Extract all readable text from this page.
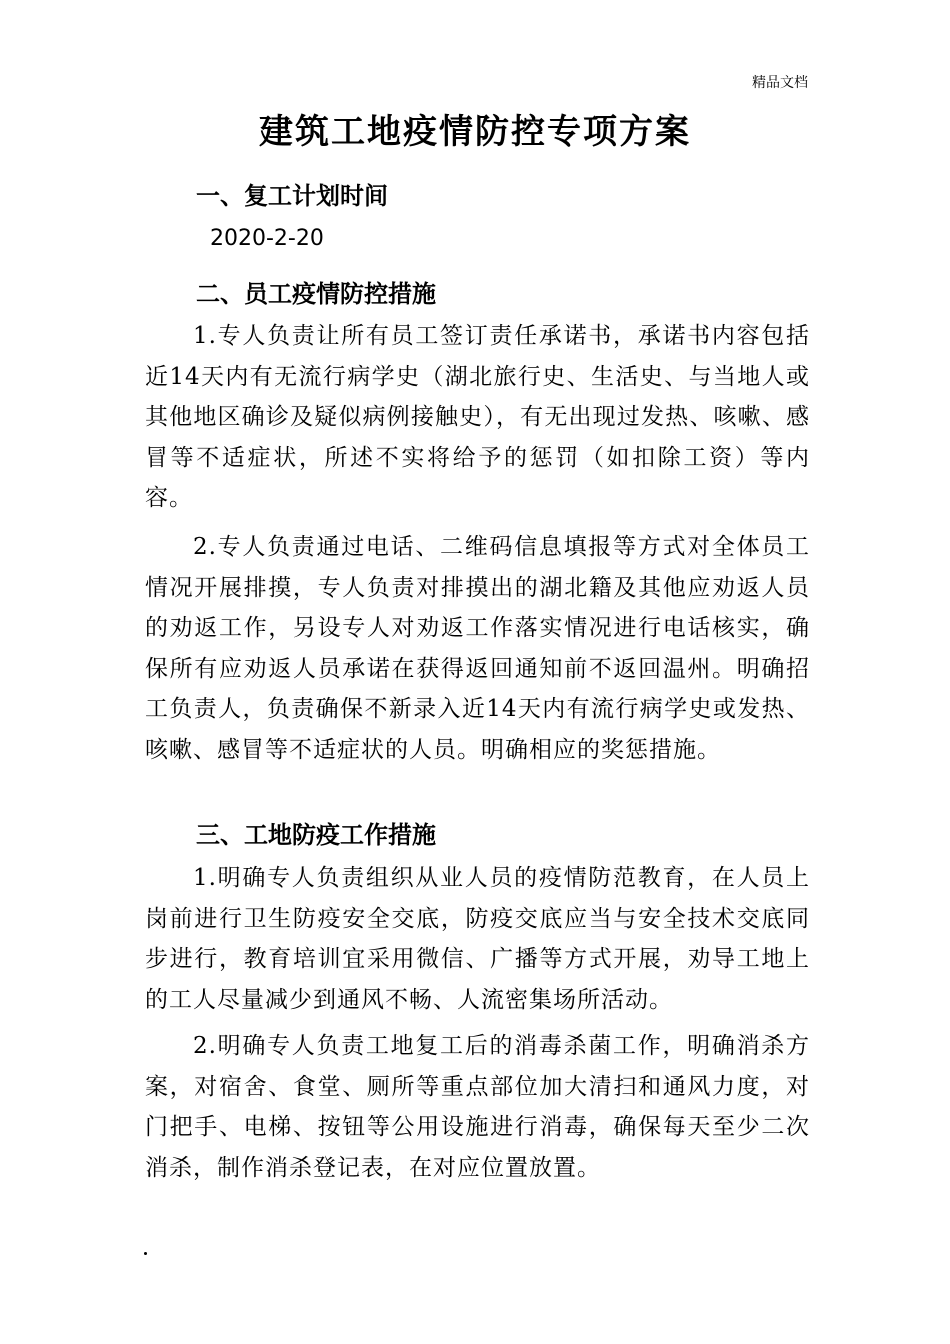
精品文档
建筑工地疫情防控专项方案
一、复工计划时间
2020-2-20
二、员工疫情防控措施
1.专人负责让所有员工签订责任承诺书，承诺书内容包括近14天内有无流行病学史（湖北旅行史、生活史、与当地人或其他地区确诊及疑似病例接触史），有无出现过发热、咳嗽、感冒等不适症状，所述不实将给予的惩罚（如扣除工资）等内容。
2.专人负责通过电话、二维码信息填报等方式对全体员工情况开展排摸，专人负责对排摸出的湖北籍及其他应劝返人员的劝返工作，另设专人对劝返工作落实情况进行电话核实，确保所有应劝返人员承诺在获得返回通知前不返回温州。明确招工负责人，负责确保不新录入近14天内有流行病学史或发热、咳嗽、感冒等不适症状的人员。明确相应的奖惩措施。
三、工地防疫工作措施
1.明确专人负责组织从业人员的疫情防范教育，在人员上岗前进行卫生防疫安全交底，防疫交底应当与安全技术交底同步进行，教育培训宜采用微信、广播等方式开展，劝导工地上的工人尽量减少到通风不畅、人流密集场所活动。
2.明确专人负责工地复工后的消毒杀菌工作，明确消杀方案，对宿舍、食堂、厕所等重点部位加大清扫和通风力度，对门把手、电梯、按钮等公用设施进行消毒，确保每天至少二次消杀，制作消杀登记表，在对应位置放置。
